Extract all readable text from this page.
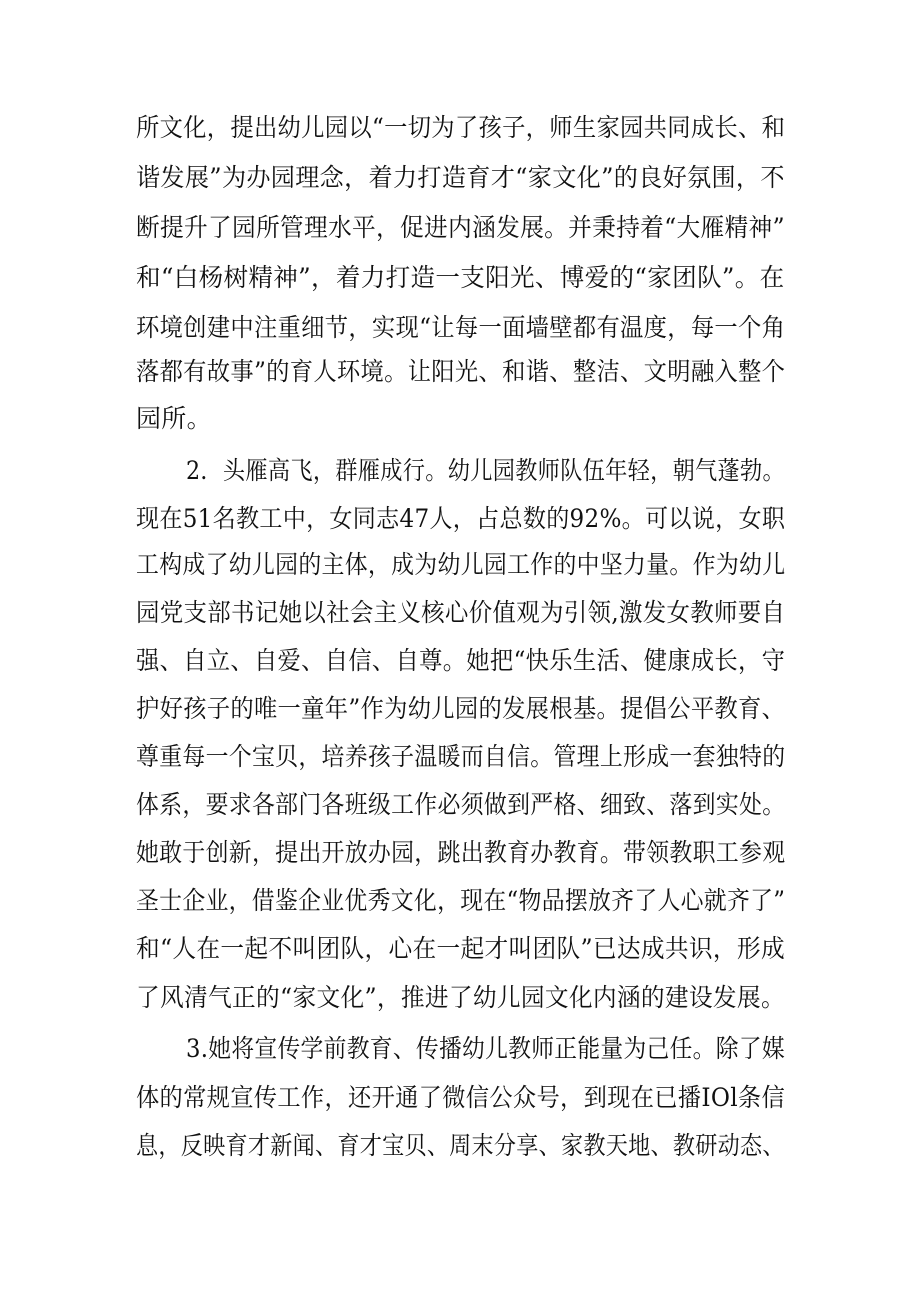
所文化，提出幼儿园以“一切为了孩子，师生家园共同成长、和
谐发展”为办园理念，着力打造育才“家文化”的良好氛围，不
断提升了园所管理水平，促进内涵发展。并秉持着“大雁精神”
和“白杨树精神”，着力打造一支阳光、博爱的“家团队”。在
环境创建中注重细节，实现“让每一面墙壁都有温度，每一个角
落都有故事”的育人环境。让阳光、和谐、整洁、文明融入整个
园所。
2．头雁高飞，群雁成行。幼儿园教师队伍年轻，朝气蓬勃。
现在51名教工中，女同志47人，占总数的92%。可以说，女职
工构成了幼儿园的主体，成为幼儿园工作的中坚力量。作为幼儿
园党支部书记她以社会主义核心价值观为引领,激发女教师要自
强、自立、自爱、自信、自尊。她把“快乐生活、健康成长，守
护好孩子的唯一童年”作为幼儿园的发展根基。提倡公平教育、
尊重每一个宝贝，培养孩子温暖而自信。管理上形成一套独特的
体系，要求各部门各班级工作必须做到严格、细致、落到实处。
她敢于创新，提出开放办园，跳出教育办教育。带领教职工参观
圣士企业，借鉴企业优秀文化，现在“物品摆放齐了人心就齐了”
和“人在一起不叫团队，心在一起才叫团队”已达成共识，形成
了风清气正的“家文化”，推进了幼儿园文化内涵的建设发展。
3.她将宣传学前教育、传播幼儿教师正能量为己任。除了媒
体的常规宣传工作，还开通了微信公众号，到现在已播IOl条信
息，反映育才新闻、育才宝贝、周末分享、家教天地、教研动态、
